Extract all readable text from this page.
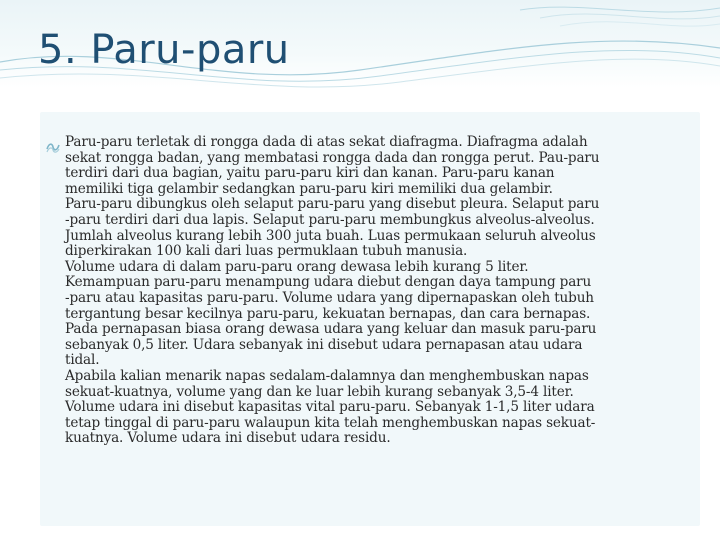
5. Paru-paru
Paru-paru terletak di rongga dada di atas sekat diafragma. Diafragma adalah
sekat rongga badan, yang membatasi rongga dada dan rongga perut. Pau-paru
terdiri dari dua bagian, yaitu paru-paru kiri dan kanan. Paru-paru kanan
memiliki tiga gelambir sedangkan paru-paru kiri memiliki dua gelambir.
Paru-paru dibungkus oleh selaput paru-paru yang disebut pleura. Selaput paru
-paru terdiri dari dua lapis. Selaput paru-paru membungkus alveolus-alveolus.
Jumlah alveolus kurang lebih 300 juta buah. Luas permukaan seluruh alveolus
diperkirakan 100 kali dari luas permuklaan tubuh manusia.
Volume udara di dalam paru-paru orang dewasa lebih kurang 5 liter.
Kemampuan paru-paru menampung udara diebut dengan daya tampung paru
-paru atau kapasitas paru-paru. Volume udara yang dipernapaskan oleh tubuh
tergantung besar kecilnya paru-paru, kekuatan bernapas, dan cara bernapas.
Pada pernapasan biasa orang dewasa udara yang keluar dan masuk paru-paru
sebanyak 0,5 liter. Udara sebanyak ini disebut udara pernapasan atau udara
tidal.
Apabila kalian menarik napas sedalam-dalamnya dan menghembuskan napas
sekuat-kuatnya, volume yang dan ke luar lebih kurang sebanyak 3,5-4 liter.
Volume udara ini disebut kapasitas vital paru-paru. Sebanyak 1-1,5 liter udara
tetap tinggal di paru-paru walaupun kita telah menghembuskan napas sekuat-
kuatnya. Volume udara ini disebut udara residu.
